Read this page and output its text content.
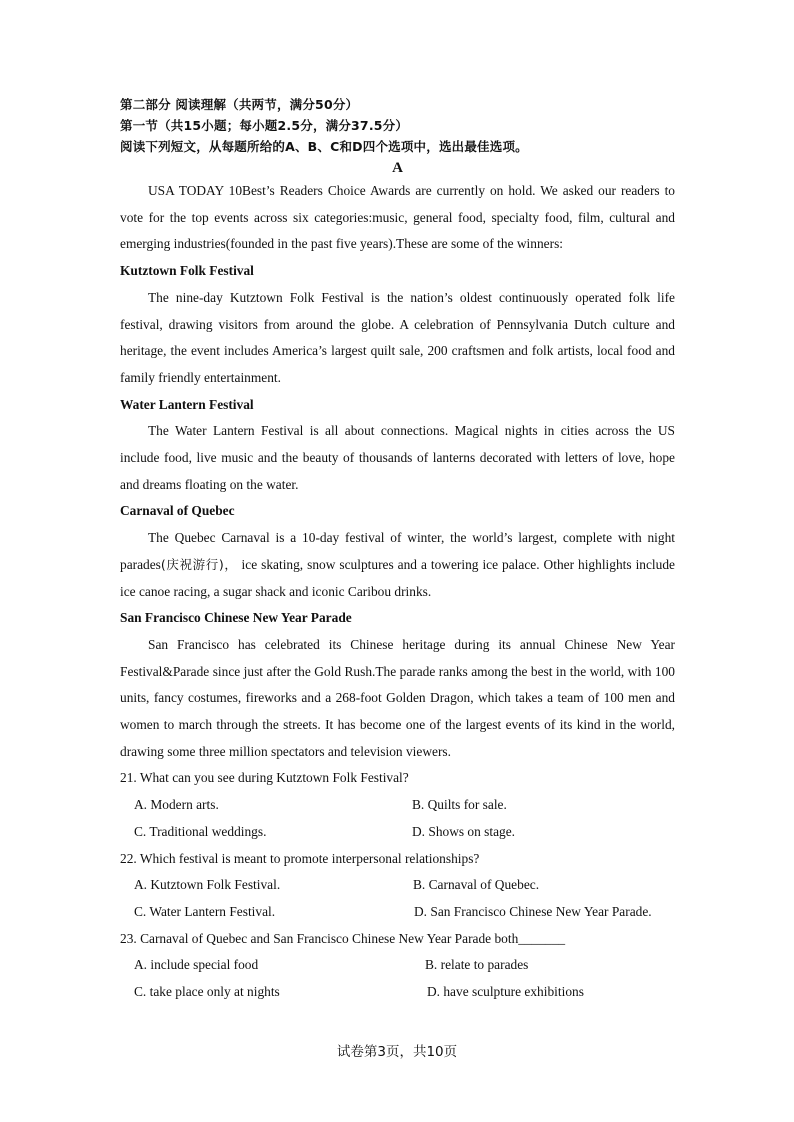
第二部分 阅读理解（共两节，满分50分）
第一节（共15小题；每小题2.5分，满分37.5分）
阅读下列短文，从每题所给的A、B、C和D四个选项中，选出最佳选项。
A

USA TODAY 10Best’s Readers Choice Awards are currently on hold. We asked our readers to vote for the top events across six categories:music, general food, specialty food, film, cultural and emerging industries(founded in the past five years).These are some of the winners:

Kutztown Folk Festival

The nine-day Kutztown Folk Festival is the nation’s oldest continuously operated folk life festival, drawing visitors from around the globe. A celebration of Pennsylvania Dutch culture and heritage, the event includes America’s largest quilt sale, 200 craftsmen and folk artists, local food and family friendly entertainment.

Water Lantern Festival

The Water Lantern Festival is all about connections. Magical nights in cities across the US include food, live music and the beauty of thousands of lanterns decorated with letters of love, hope and dreams floating on the water.

Carnaval of Quebec

The Quebec Carnaval is a 10-day festival of winter, the world’s largest, complete with night parades(庆祝游行)， ice skating, snow sculptures and a towering ice palace. Other highlights include ice canoe racing, a sugar shack and iconic Caribou drinks.

San Francisco Chinese New Year Parade

San Francisco has celebrated its Chinese heritage during its annual Chinese New Year Festival&Parade since just after the Gold Rush.The parade ranks among the best in the world, with 100 units, fancy costumes, fireworks and a 268-foot Golden Dragon, which takes a team of 100 men and women to march through the streets. It has become one of the largest events of its kind in the world, drawing some three million spectators and television viewers.

21. What can you see during Kutztown Folk Festival?

A. Modern arts.	B. Quilts for sale.
C. Traditional weddings.	D. Shows on stage.

22. Which festival is meant to promote interpersonal relationships?

A. Kutztown Folk Festival.	B. Carnaval of Quebec.
C. Water Lantern Festival.	D. San Francisco Chinese New Year Parade.

23. Carnaval of Quebec and San Francisco Chinese New Year Parade both_______

A. include special food	B. relate to parades
C. take place only at nights	D. have sculpture exhibitions
试卷第3页，共10页
